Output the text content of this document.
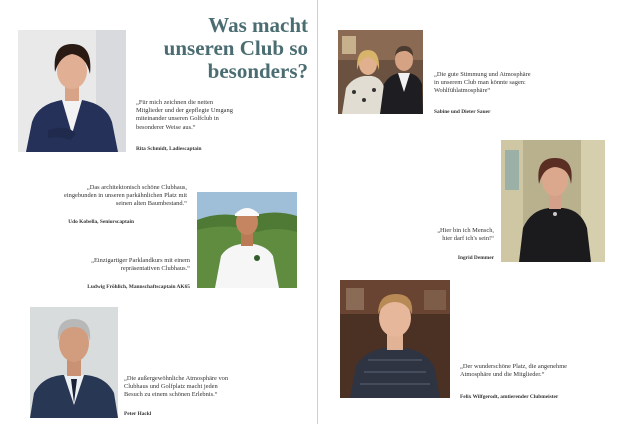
Was macht
unseren Club so
besonders?
„Für mich zeichnen die netten
Mitglieder und der gepflegte Umgang
miteinander unseren Golfclub in
besonderer Weise aus.“
Rita Schmidt, Ladiescaptain
„Das architektonisch schöne Clubhaus,
eingebunden in unseren parkähnlichen Platz mit
seinen alten Baumbestand.“
Udo Kobella, Seniorscaptain
„Einzigartiger Parklandkurs mit einem
repräsentativen Clubhaus.“
Ludwig Fröhlich, Mannschaftscaptain AK65
„Die außergewöhnliche Atmosphäre von
Clubhaus und Golfplatz macht jeden
Besuch zu einem schönen Erlebnis.“
Peter Hackl
„Die gute Stimmung und Atmosphäre
in unserem Club man könnte sagen:
Wohlfühlatmosphäre“
Sabine und Dieter Sauer
„Hier bin ich Mensch,
hier darf ich's sein!“
Ingrid Demmer
„Der wunderschöne Platz, die angenehme
Atmosphäre und die Mitglieder.“
Felix Wilfgerodt, amtierender Clubmeister
